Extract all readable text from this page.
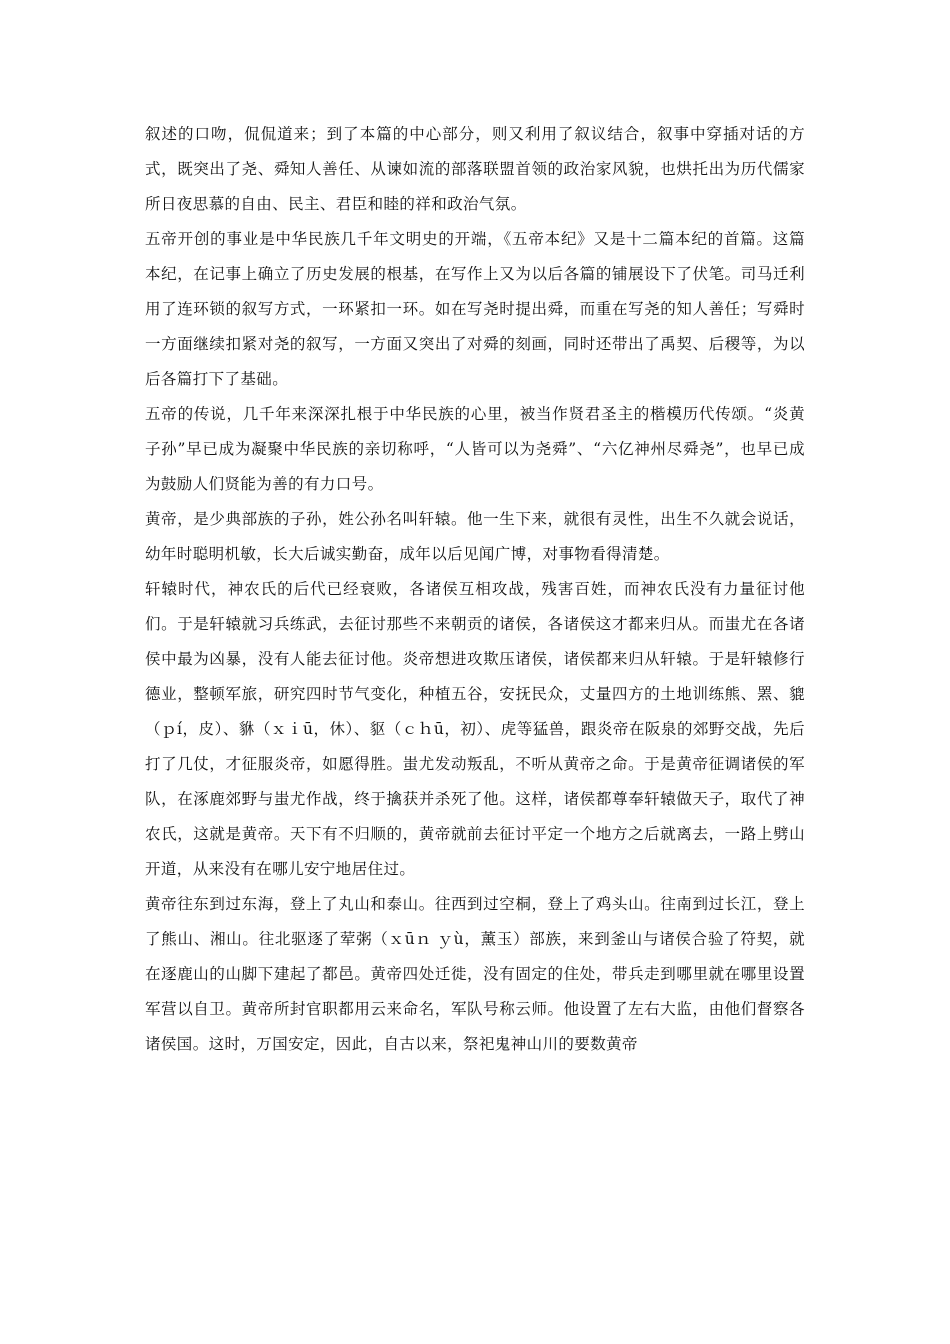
叙述的口吻，侃侃道来；到了本篇的中心部分，则又利用了叙议结合，叙事中穿插对话的方式，既突出了尧、舜知人善任、从谏如流的部落联盟首领的政治家风貌，也烘托出为历代儒家所日夜思慕的自由、民主、君臣和睦的祥和政治气氛。

五帝开创的事业是中华民族几千年文明史的开端，《五帝本纪》又是十二篇本纪的首篇。这篇本纪，在记事上确立了历史发展的根基，在写作上又为以后各篇的铺展设下了伏笔。司马迁利用了连环锁的叙写方式，一环紧扣一环。如在写尧时提出舜，而重在写尧的知人善任；写舜时一方面继续扣紧对尧的叙写，一方面又突出了对舜的刻画，同时还带出了禹契、后稷等，为以后各篇打下了基础。

五帝的传说，几千年来深深扎根于中华民族的心里，被当作贤君圣主的楷模历代传颂。“炎黄子孙”早已成为凝聚中华民族的亲切称呼，“人皆可以为尧舜”、“六亿神州尽舜尧”，也早已成为鼓励人们贤能为善的有力口号。

黄帝，是少典部族的子孙，姓公孙名叫轩辕。他一生下来，就很有灵性，出生不久就会说话，幼年时聪明机敏，长大后诚实勤奋，成年以后见闻广博，对事物看得清楚。

轩辕时代，神农氏的后代已经衰败，各诸侯互相攻战，残害百姓，而神农氏没有力量征讨他们。于是轩辕就习兵练武，去征讨那些不来朝贡的诸侯，各诸侯这才都来归从。而蚩尤在各诸侯中最为凶暴，没有人能去征讨他。炎帝想进攻欺压诸侯，诸侯都来归从轩辕。于是轩辕修行德业，整顿军旅，研究四时节气变化，种植五谷，安抚民众，丈量四方的土地训练熊、罴、貔（ｐí，皮）、貅（ｘｉū，休）、䝙（ｃｈū，初）、虎等猛兽，跟炎帝在阪泉的郊野交战，先后打了几仗，才征服炎帝，如愿得胜。蚩尤发动叛乱，不听从黄帝之命。于是黄帝征调诸侯的军队，在涿鹿郊野与蚩尤作战，终于擒获并杀死了他。这样，诸侯都尊奉轩辕做天子，取代了神农氏，这就是黄帝。天下有不归顺的，黄帝就前去征讨平定一个地方之后就离去，一路上劈山开道，从来没有在哪儿安宁地居住过。

黄帝往东到过东海，登上了丸山和泰山。往西到过空桐，登上了鸡头山。往南到过长江，登上了熊山、湘山。往北驱逐了荤粥（ｘūｎ ｙù，薰玉）部族，来到釜山与诸侯合验了符契，就在逐鹿山的山脚下建起了都邑。黄帝四处迁徙，没有固定的住处，带兵走到哪里就在哪里设置军营以自卫。黄帝所封官职都用云来命名，军队号称云师。他设置了左右大监，由他们督察各诸侯国。这时，万国安定，因此，自古以来，祭祀鬼神山川的要数黄帝
